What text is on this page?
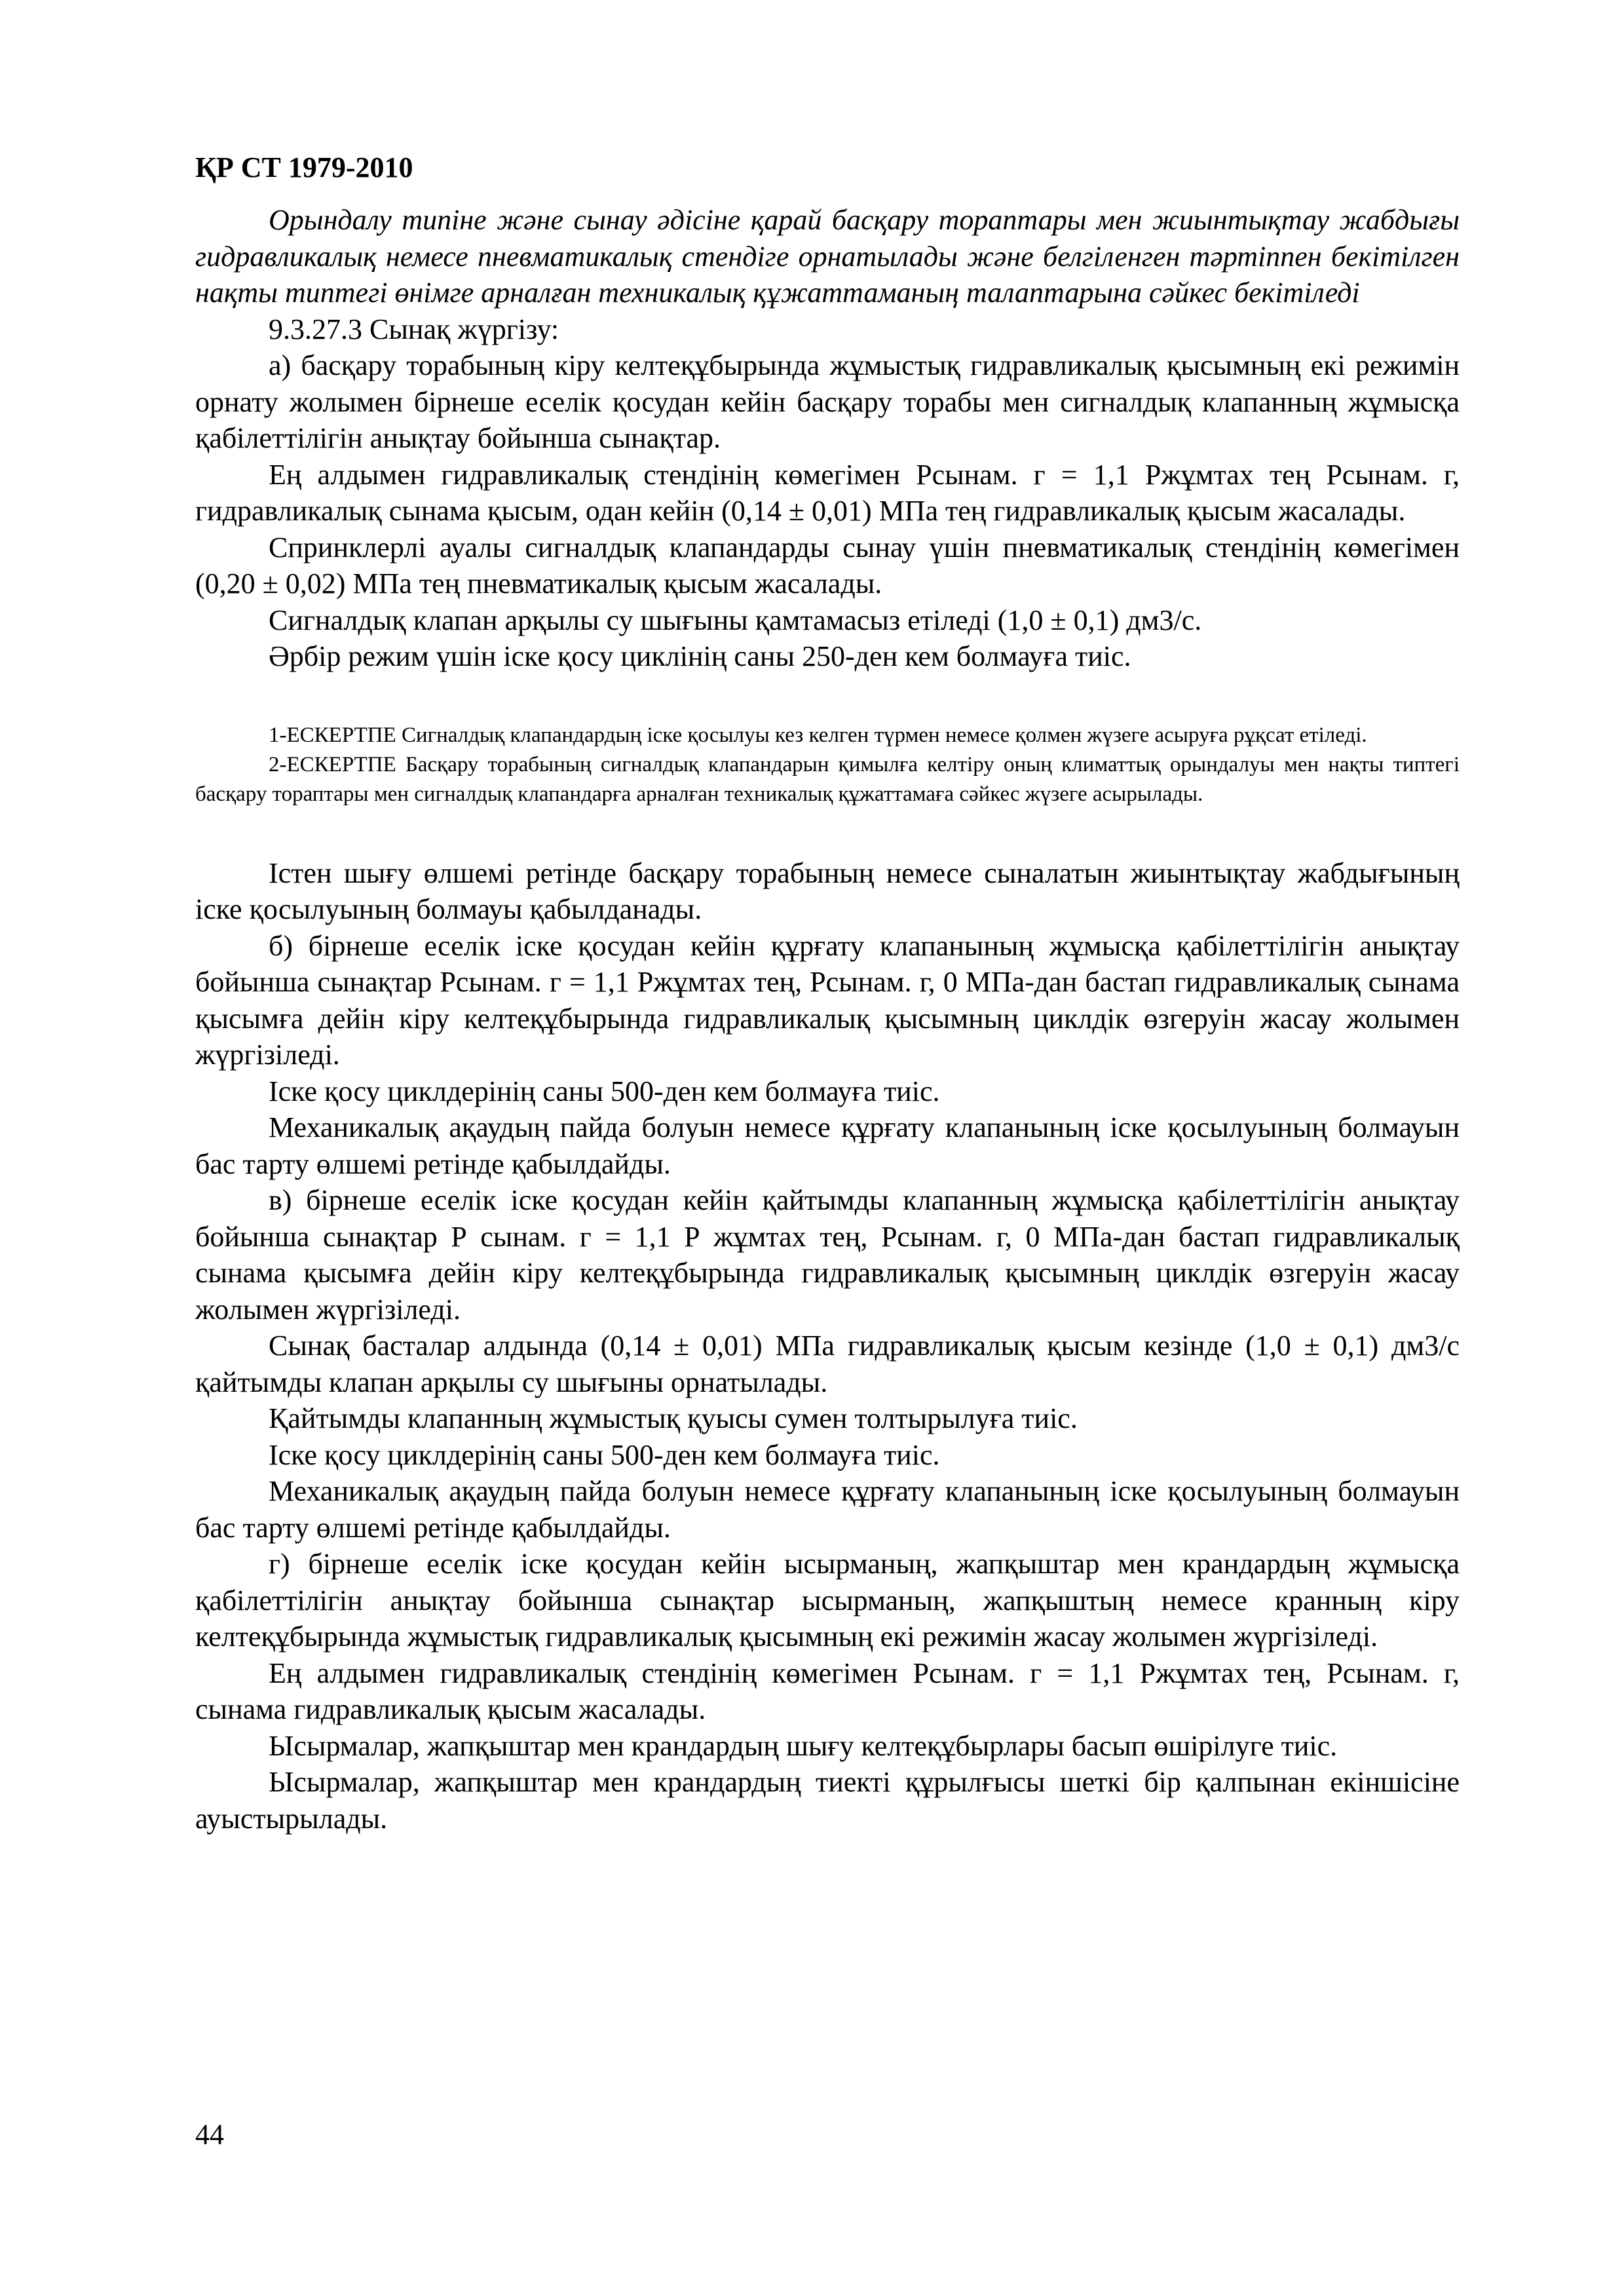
ҚР СТ 1979-2010

Орындалу типіне және сынау әдісіне қарай басқару тораптары мен жиынтықтау жабдығы гидравликалық немесе пневматикалық стендіге орнатылады және белгіленген тәртіппен бекітілген нақты типтегі өнімге арналған техникалық құжаттаманың талаптарына сәйкес бекітіледі

9.3.27.3 Сынақ жүргізу:

а) басқару торабының кіру келтеқұбырында жұмыстық гидравликалық қысымның екі режимін орнату жолымен бірнеше еселік қосудан кейін басқару торабы мен сигналдық клапанның жұмысқа қабілеттілігін анықтау бойынша сынақтар.

Ең алдымен гидравликалық стендінің көмегімен Рсынам. г = 1,1 Ржұмтах тең Рсынам. г, гидравликалық сынама қысым, одан кейін (0,14 ± 0,01) МПа тең гидравликалық қысым жасалады.

Спринклерлі ауалы сигналдық клапандарды сынау үшін пневматикалық стендінің көмегімен (0,20 ± 0,02) МПа тең пневматикалық қысым жасалады.

Сигналдық клапан арқылы су шығыны қамтамасыз етіледі (1,0 ± 0,1) дм3/с.

Әрбір режим үшін іске қосу циклінің саны 250-ден кем болмауға тиіс.

1-ЕСКЕРТПЕ Сигналдық клапандардың іске қосылуы кез келген түрмен немесе қолмен жүзеге асыруға рұқсат етіледі.

2-ЕСКЕРТПЕ Басқару торабының сигналдық клапандарын қимылға келтіру оның климаттық орындалуы мен нақты типтегі басқару тораптары мен сигналдық клапандарға арналған техникалық құжаттамаға сәйкес жүзеге асырылады.

Істен шығу өлшемі ретінде басқару торабының немесе сыналатын жиынтықтау жабдығының іске қосылуының болмауы қабылданады.

б) бірнеше еселік іске қосудан кейін құрғату клапанының жұмысқа қабілеттілігін анықтау бойынша сынақтар Рсынам. г = 1,1 Ржұмтах тең, Рсынам. г, 0 МПа-дан бастап гидравликалық сынама қысымға дейін кіру келтеқұбырында гидравликалық қысымның циклдік өзгеруін жасау жолымен жүргізіледі.

Іске қосу циклдерінің саны 500-ден кем болмауға тиіс.

Механикалық ақаудың пайда болуын немесе құрғату клапанының іске қосылуының болмауын бас тарту өлшемі ретінде қабылдайды.

в) бірнеше еселік іске қосудан кейін қайтымды клапанның жұмысқа қабілеттілігін анықтау бойынша сынақтар Р сынам. г = 1,1 Р жұмтах тең, Рсынам. г, 0 МПа-дан бастап гидравликалық сынама қысымға дейін кіру келтеқұбырында гидравликалық қысымның циклдік өзгеруін жасау жолымен жүргізіледі.

Сынақ басталар алдында (0,14 ± 0,01) МПа гидравликалық қысым кезінде (1,0 ± 0,1) дм3/с қайтымды клапан арқылы су шығыны орнатылады.

Қайтымды клапанның жұмыстық қуысы сумен толтырылуға тиіс.

Іске қосу циклдерінің саны 500-ден кем болмауға тиіс.

Механикалық ақаудың пайда болуын немесе құрғату клапанының іске қосылуының болмауын бас тарту өлшемі ретінде қабылдайды.

г) бірнеше еселік іске қосудан кейін ысырманың, жапқыштар мен крандардың жұмысқа қабілеттілігін анықтау бойынша сынақтар ысырманың, жапқыштың немесе кранның кіру келтеқұбырында жұмыстық гидравликалық қысымның екі режимін жасау жолымен жүргізіледі.

Ең алдымен гидравликалық стендінің көмегімен Рсынам. г = 1,1 Ржұмтах тең, Рсынам. г, сынама гидравликалық қысым жасалады.

Ысырмалар, жапқыштар мен крандардың шығу келтеқұбырлары басып өшірілуге тиіс.

Ысырмалар, жапқыштар мен крандардың тиекті құрылғысы шеткі бір қалпынан екіншісіне ауыстырылады.

44
